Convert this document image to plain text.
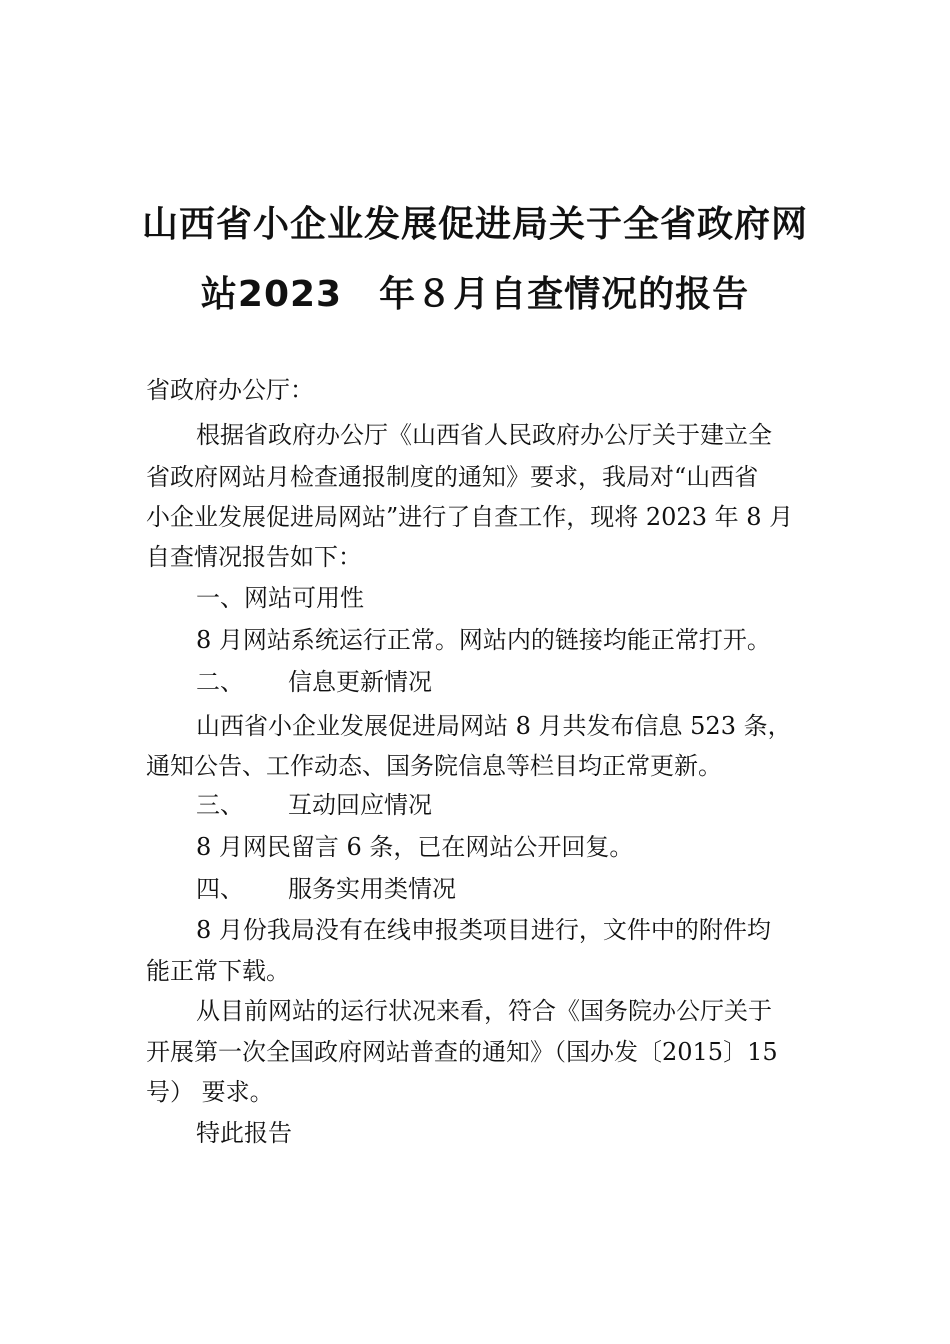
山西省小企业发展促进局关于全省政府网
站2023　年８月自查情况的报告
省政府办公厅：
根据省政府办公厅《山西省人民政府办公厅关于建立全
省政府网站月检查通报制度的通知》要求，我局对“山西省
小企业发展促进局网站”进行了自查工作，现将 2023 年 8 月
自查情况报告如下：
一、网站可用性
8 月网站系统运行正常。网站内的链接均能正常打开。
二、 信息更新情况
山西省小企业发展促进局网站 8 月共发布信息 523 条，
通知公告、工作动态、国务院信息等栏目均正常更新。
三、 互动回应情况
8 月网民留言 6 条，已在网站公开回复。
四、 服务实用类情况
8 月份我局没有在线申报类项目进行，文件中的附件均
能正常下载。
从目前网站的运行状况来看，符合《国务院办公厅关于
开展第一次全国政府网站普查的通知》（国办发〔2015〕15
号） 要求。
特此报告
